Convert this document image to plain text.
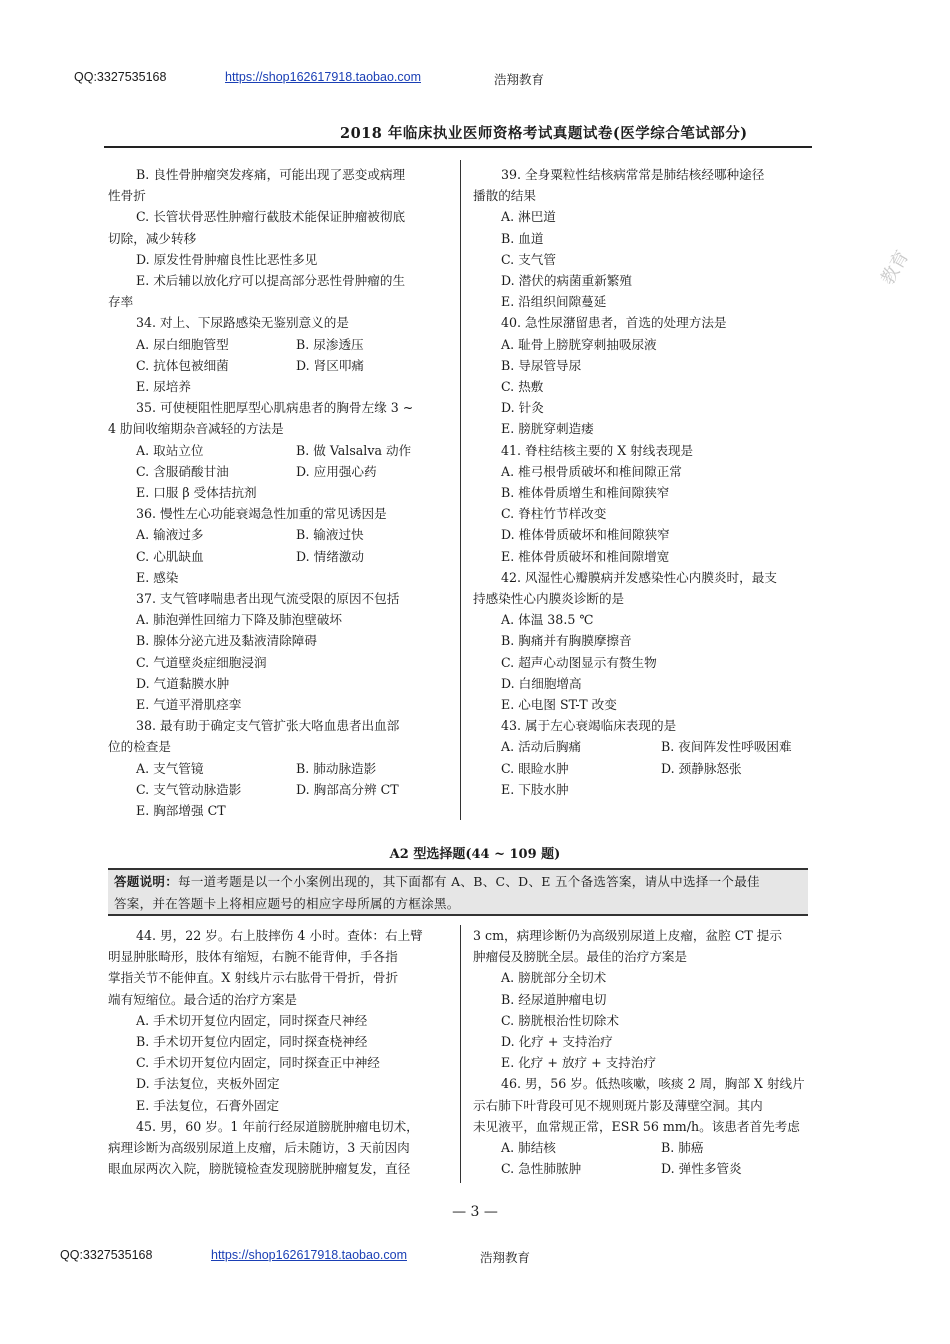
QQ:3327535168	https://shop162617918.taobao.com	浩翔教育
2018 年临床执业医师资格考试真题试卷(医学综合笔试部分)
教育

B. 良性骨肿瘤突发疼痛，可能出现了恶变或病理

性骨折

C. 长管状骨恶性肿瘤行截肢术能保证肿瘤被彻底

切除，减少转移

D. 原发性骨肿瘤良性比恶性多见

E. 术后辅以放化疗可以提高部分恶性骨肿瘤的生

存率

34. 对上、下尿路感染无鉴别意义的是

A. 尿白细胞管型	B. 尿渗透压
C. 抗体包被细菌	D. 肾区叩痛

E. 尿培养

35. 可使梗阻性肥厚型心肌病患者的胸骨左缘 3 ~

4 肋间收缩期杂音减轻的方法是

A. 取站立位	B. 做 Valsalva 动作
C. 含服硝酸甘油	D. 应用强心药

E. 口服 β 受体拮抗剂

36. 慢性左心功能衰竭急性加重的常见诱因是

A. 输液过多	B. 输液过快
C. 心肌缺血	D. 情绪激动

E. 感染

37. 支气管哮喘患者出现气流受限的原因不包括

A. 肺泡弹性回缩力下降及肺泡壁破坏

B. 腺体分泌亢进及黏液清除障碍

C. 气道壁炎症细胞浸润

D. 气道黏膜水肿

E. 气道平滑肌痉挛

38. 最有助于确定支气管扩张大咯血患者出血部

位的检查是

A. 支气管镜	B. 肺动脉造影
C. 支气管动脉造影	D. 胸部高分辨 CT

E. 胸部增强 CT

39. 全身粟粒性结核病常常是肺结核经哪种途径

播散的结果

A. 淋巴道

B. 血道

C. 支气管

D. 潜伏的病菌重新繁殖

E. 沿组织间隙蔓延

40. 急性尿潴留患者，首选的处理方法是

A. 耻骨上膀胱穿刺抽吸尿液

B. 导尿管导尿

C. 热敷

D. 针灸

E. 膀胱穿刺造瘘

41. 脊柱结核主要的 X 射线表现是

A. 椎弓根骨质破坏和椎间隙正常

B. 椎体骨质增生和椎间隙狭窄

C. 脊柱竹节样改变

D. 椎体骨质破坏和椎间隙狭窄

E. 椎体骨质破坏和椎间隙增宽

42. 风湿性心瓣膜病并发感染性心内膜炎时，最支

持感染性心内膜炎诊断的是

A. 体温 38.5 ℃

B. 胸痛并有胸膜摩擦音

C. 超声心动图显示有赘生物

D. 白细胞增高

E. 心电图 ST-T 改变

43. 属于左心衰竭临床表现的是

A. 活动后胸痛	B. 夜间阵发性呼吸困难
C. 眼睑水肿	D. 颈静脉怒张

E. 下肢水肿

A2 型选择题(44 ~ 109 题)
答题说明：每一道考题是以一个小案例出现的，其下面都有 A、B、C、D、E 五个备选答案，请从中选择一个最佳
答案，并在答题卡上将相应题号的相应字母所属的方框涂黑。

44. 男，22 岁。右上肢摔伤 4 小时。查体：右上臂

明显肿胀畸形，肢体有缩短，右腕不能背伸，手各指

掌指关节不能伸直。X 射线片示右肱骨干骨折，骨折

端有短缩位。最合适的治疗方案是

A. 手术切开复位内固定，同时探查尺神经

B. 手术切开复位内固定，同时探查桡神经

C. 手术切开复位内固定，同时探查正中神经

D. 手法复位，夹板外固定

E. 手法复位，石膏外固定

45. 男，60 岁。1 年前行经尿道膀胱肿瘤电切术，

病理诊断为高级别尿道上皮瘤，后未随访，3 天前因肉

眼血尿两次入院，膀胱镜检查发现膀胱肿瘤复发，直径

3 cm，病理诊断仍为高级别尿道上皮瘤，盆腔 CT 提示

肿瘤侵及膀胱全层。最佳的治疗方案是

A. 膀胱部分全切术

B. 经尿道肿瘤电切

C. 膀胱根治性切除术

D. 化疗 + 支持治疗

E. 化疗 + 放疗 + 支持治疗

46. 男，56 岁。低热咳嗽，咳痰 2 周，胸部 X 射线片

示右肺下叶背段可见不规则斑片影及薄壁空洞。其内

未见液平，血常规正常，ESR 56 mm/h。该患者首先考虑

A. 肺结核	B. 肺癌
C. 急性肺脓肿	D. 弹性多管炎
— 3 —
QQ:3327535168	https://shop162617918.taobao.com	浩翔教育
